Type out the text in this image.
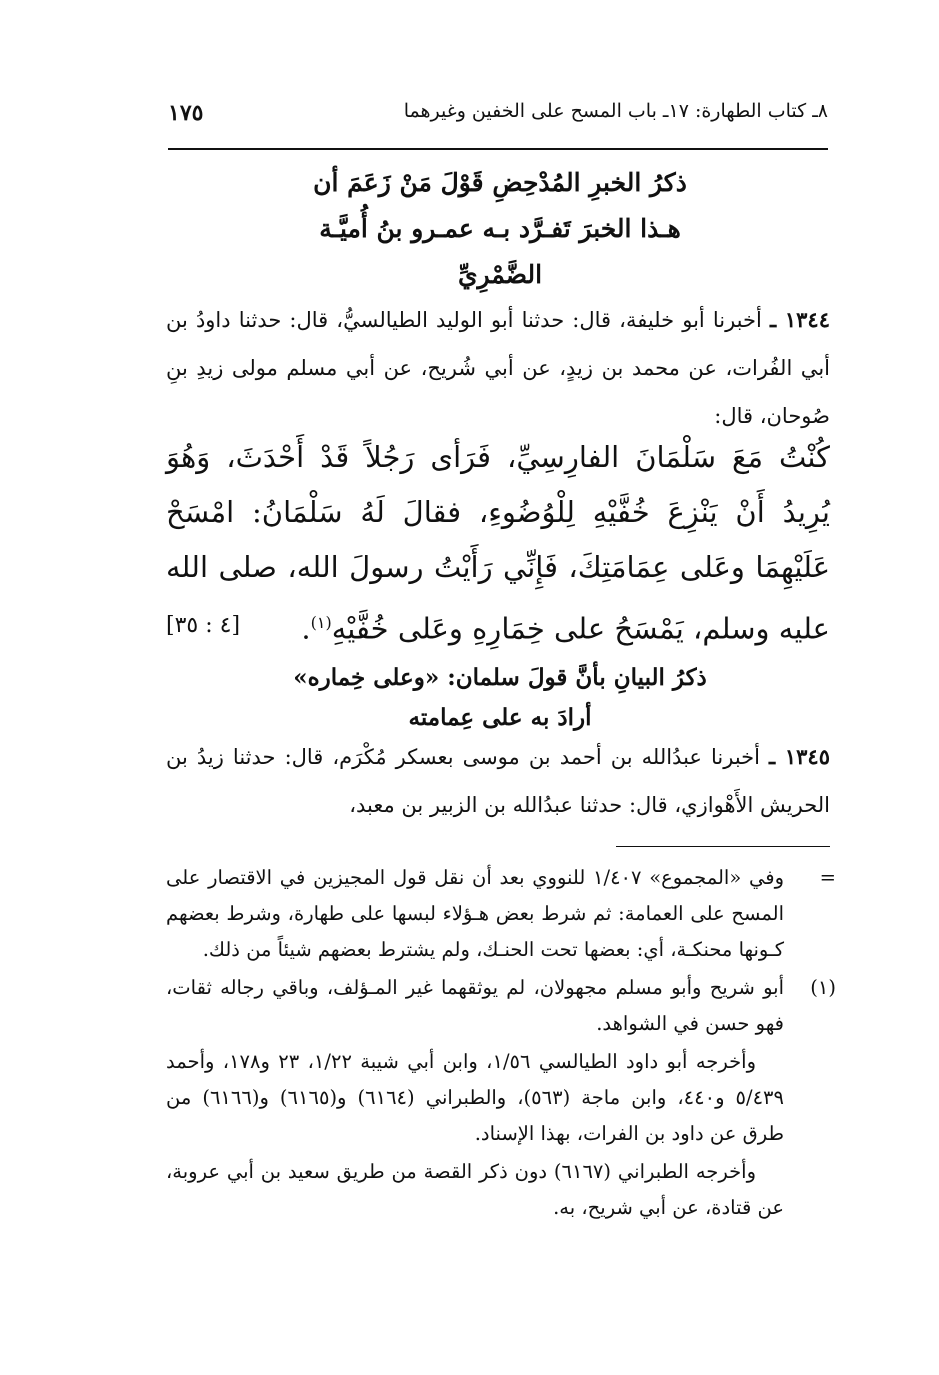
٨ـ كتاب الطهارة: ١٧ـ باب المسح على الخفين وغيرهما
١٧٥
ذكرُ الخبرِ المُدْحِضِ قَوْلَ مَنْ زَعَمَ أن
هـذا الخبرَ تَفـرَّد بـه عمـرو بنُ أُميَّـة
الضَّمْرِيِّ
١٣٤٤ ـ أخبرنا أبو خليفة، قال: حدثنا أبو الوليد الطيالسيُّ، قال: حدثنا داودُ بن أبي الفُرات، عن محمد بن زيدٍ، عن أبي شُريح، عن أبي مسلم مولى زيدِ بنِ صُوحان، قال:
كُنْتُ مَعَ سَلْمَانَ الفارِسِيِّ، فَرَأى رَجُلاً قَدْ أَحْدَثَ، وَهُوَ يُرِيدُ أَنْ يَنْزِعَ خُفَّيْهِ لِلْوُضُوءِ، فقالَ لَهُ سَلْمَانُ: امْسَحْ عَلَيْهِمَا وعَلى عِمَامَتِكَ، فَإِنِّي رَأَيْتُ رسولَ الله، صلى الله عليه وسلم، يَمْسَحُ على خِمَارِهِ وعَلى خُفَّيْهِ$^{(١)}$.
[٤ : ٣٥]
ذكرُ البيانِ بأنَّ قولَ سلمان: «وعلى خِماره»
أرادَ به على عِمامته
١٣٤٥ ـ أخبرنا عبدُالله بن أحمد بن موسى بعسكر مُكْرَم، قال: حدثنا زيدُ بن الحريش الأَهْوازي، قال: حدثنا عبدُالله بن الزبير بن معبد،
=
وفي «المجموع» ١/٤٠٧ للنووي بعد أن نقل قول المجيزين في الاقتصار على المسح على العمامة: ثم شرط بعض هـؤلاء لبسها على طهارة، وشرط بعضهم كـونها محنكـة، أي: بعضها تحت الحنـك، ولم يشترط بعضهم شيئاً من ذلك.
(١)
أبو شريح وأبو مسلم مجهولان، لم يوثقهما غير المـؤلف، وباقي رجاله ثقات، فهو حسن في الشواهد.
وأخرجه أبو داود الطيالسي ١/٥٦، وابن أبي شيبة ١/٢٢، ٢٣ و١٧٨، وأحمد ٥/٤٣٩ و٤٤٠، وابن ماجة (٥٦٣)، والطبراني (٦١٦٤) و(٦١٦٥) و(٦١٦٦) من طرق عن داود بن الفرات، بهذا الإسناد.
وأخرجه الطبراني (٦١٦٧) دون ذكر القصة من طريق سعيد بن أبي عروبة، عن قتادة، عن أبي شريح، به.
